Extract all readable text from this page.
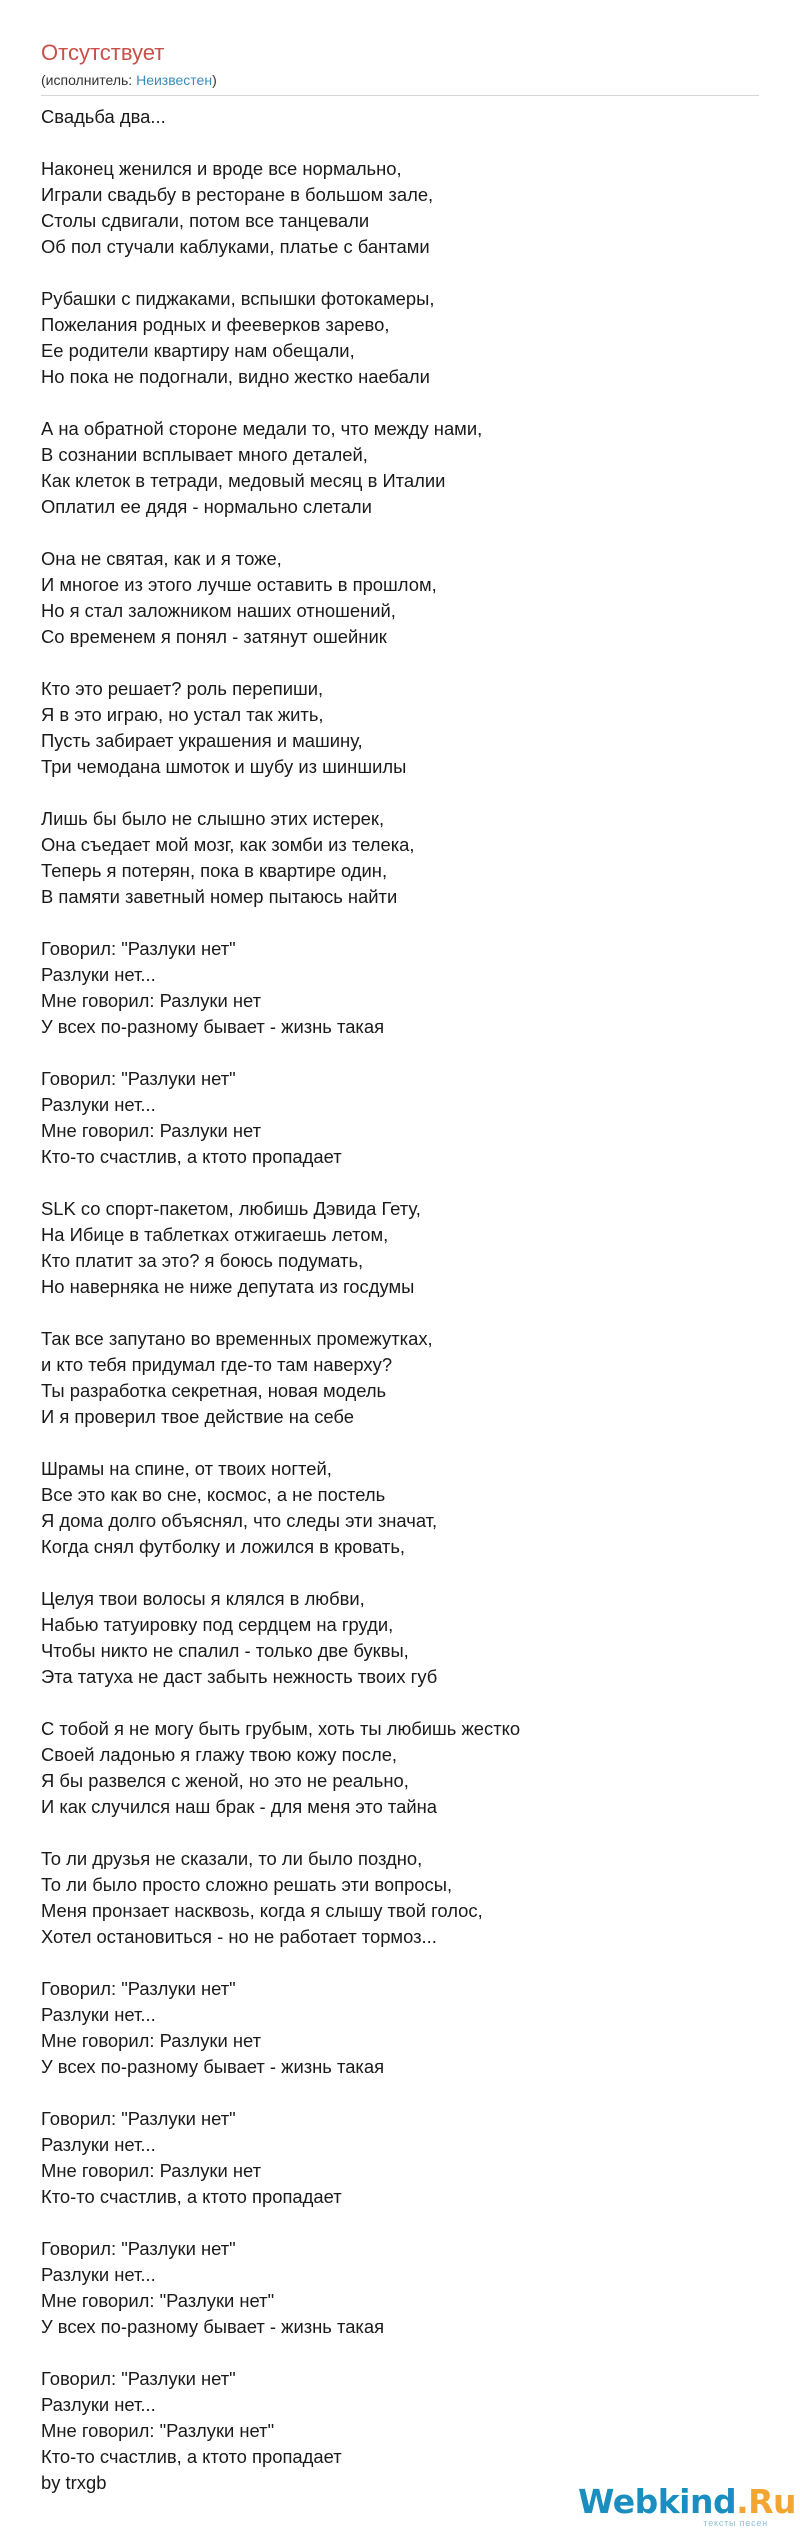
Отсутствует
(исполнитель: Неизвестен)
Свадьба два...
Наконец женился и вроде все нормально,
Играли свадьбу в ресторане в большом зале,
Столы сдвигали, потом все танцевали
Об пол стучали каблуками, платье с бантами
Рубашки с пиджаками, вспышки фотокамеры,
Пожелания родных и фееверков зарево,
Ее родители квартиру нам обещали,
Но пока не подогнали, видно жестко наебали
А на обратной стороне медали то, что между нами,
В сознании всплывает много деталей,
Как клеток в тетради, медовый месяц в Италии
Оплатил ее дядя - нормально слетали
Она не святая, как и я тоже,
И многое из этого лучше оставить в прошлом,
Но я стал заложником наших отношений,
Со временем я понял - затянут ошейник
Кто это решает? роль перепиши,
Я в это играю, но устал так жить,
Пусть забирает украшения и машину,
Три чемодана шмоток и шубу из шиншилы
Лишь бы было не слышно этих истерек,
Она съедает мой мозг, как зомби из телека,
Теперь я потерян, пока в квартире один,
В памяти заветный номер пытаюсь найти
Говорил: "Разлуки нет"
Разлуки нет...
Мне говорил: Разлуки нет
У всех по-разному бывает - жизнь такая
Говорил: "Разлуки нет"
Разлуки нет...
Мне говорил: Разлуки нет
Кто-то счастлив, а ктото пропадает
SLK со спорт-пакетом, любишь Дэвида Гету,
На Ибице в таблетках отжигаешь летом,
Кто платит за это? я боюсь подумать,
Но наверняка не ниже депутата из госдумы
Так все запутано во временных промежутках,
и кто тебя придумал где-то там наверху?
Ты разработка секретная, новая модель
И я проверил твое действие на себе
Шрамы на спине, от твоих ногтей,
Все это как во сне, космос, а не постель
Я дома долго объяснял, что следы эти значат,
Когда снял футболку и ложился в кровать,
Целуя твои волосы я клялся в любви,
Набью татуировку под сердцем на груди,
Чтобы никто не спалил - только две буквы,
Эта татуха не даст забыть нежность твоих губ
С тобой я не могу быть грубым, хоть ты любишь жестко
Своей ладонью я глажу твою кожу после,
Я бы развелся с женой, но это не реально,
И как случился наш брак - для меня это тайна
То ли друзья не сказали, то ли было поздно,
То ли было просто сложно решать эти вопросы,
Меня пронзает насквозь, когда я слышу твой голос,
Хотел остановиться - но не работает тормоз...
Говорил: "Разлуки нет"
Разлуки нет...
Мне говорил: Разлуки нет
У всех по-разному бывает - жизнь такая
Говорил: "Разлуки нет"
Разлуки нет...
Мне говорил: Разлуки нет
Кто-то счастлив, а ктото пропадает
Говорил: "Разлуки нет"
Разлуки нет...
Мне говорил: "Разлуки нет"
У всех по-разному бывает - жизнь такая
Говорил: "Разлуки нет"
Разлуки нет...
Мне говорил: "Разлуки нет"
Кто-то счастлив, а ктото пропадает
by trxgb	Webkind.Ru
тексты песен
